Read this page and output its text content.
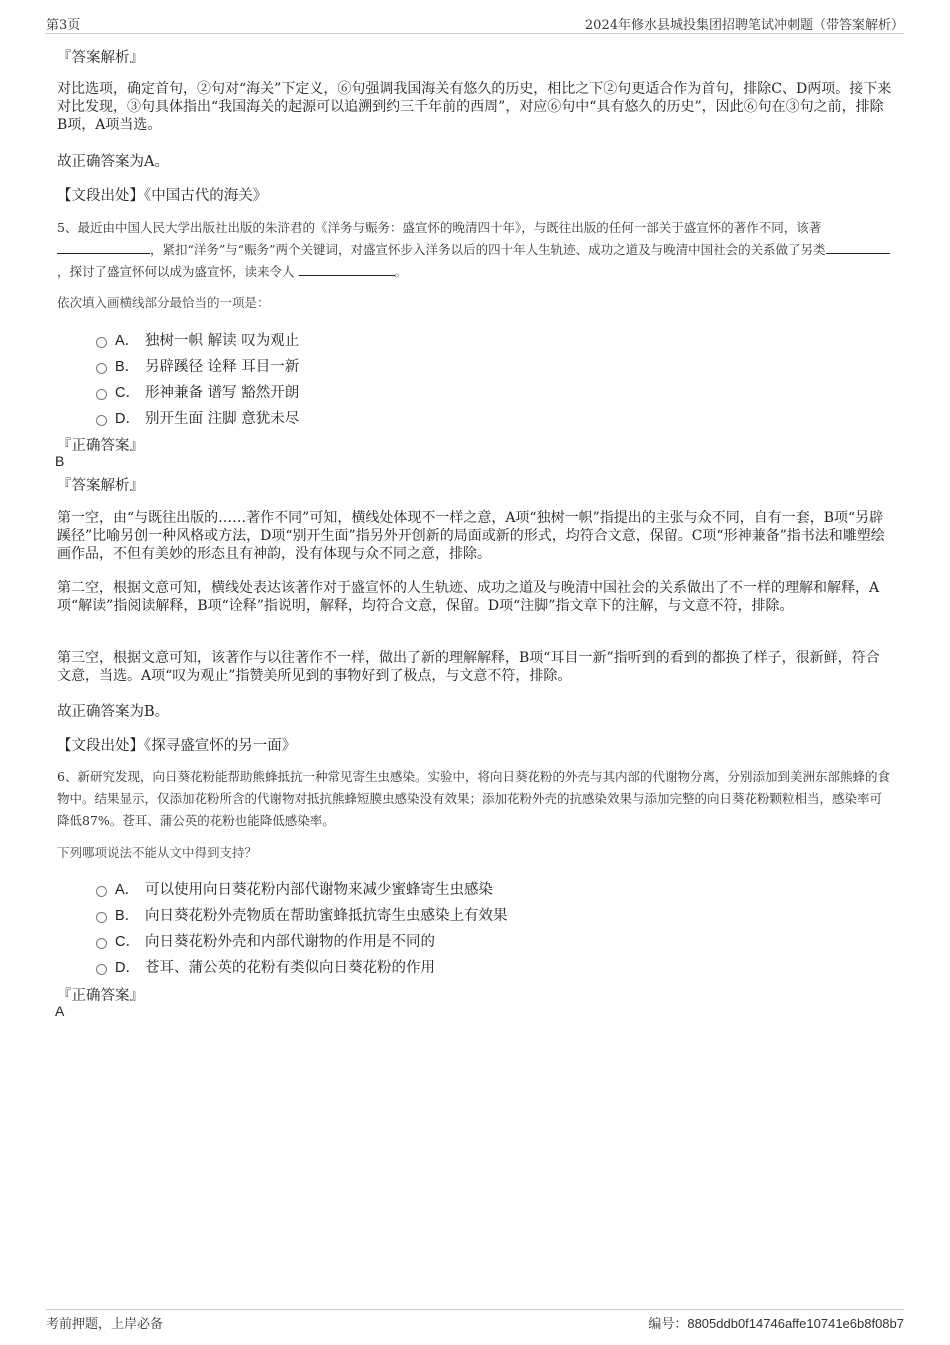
第3页	2024年修水县城投集团招聘笔试冲刺题（带答案解析）
『答案解析』
对比选项，确定首句，②句对“海关”下定义，⑥句强调我国海关有悠久的历史，相比之下②句更适合作为首句，排除C、D两项。接下来对比发现，③句具体指出“我国海关的起源可以追溯到约三千年前的西周”，对应⑥句中“具有悠久的历史”，因此⑥句在③句之前，排除B项，A项当选。
故正确答案为A。
【文段出处】《中国古代的海关》
5、最近由中国人民大学出版社出版的朱浒君的《洋务与赈务：盛宣怀的晚清四十年》，与既往出版的任何一部关于盛宣怀的著作不同，该著，紧扣“洋务”与“赈务”两个关键词，对盛宣怀步入洋务以后的四十年人生轨迹、成功之道及与晚清中国社会的关系做了另类，探讨了盛宣怀何以成为盛宣怀，读来令人	。
依次填入画横线部分最恰当的一项是：
A． 独树一帜 解读 叹为观止
B． 另辟蹊径 诠释 耳目一新
C． 形神兼备 谱写 豁然开朗
D． 别开生面 注脚 意犹未尽
『正确答案』
B
『答案解析』
第一空，由“与既往出版的……著作不同”可知，横线处体现不一样之意，A项“独树一帜”指提出的主张与众不同，自有一套，B项“另辟蹊径”比喻另创一种风格或方法，D项“别开生面”指另外开创新的局面或新的形式，均符合文意，保留。C项“形神兼备”指书法和雕塑绘画作品，不但有美妙的形态且有神韵，没有体现与众不同之意，排除。
第二空，根据文意可知，横线处表达该著作对于盛宣怀的人生轨迹、成功之道及与晚清中国社会的关系做出了不一样的理解和解释，A项“解读”指阅读解释，B项“诠释”指说明，解释，均符合文意，保留。D项“注脚”指文章下的注解，与文意不符，排除。
第三空，根据文意可知，该著作与以往著作不一样，做出了新的理解解释，B项“耳目一新”指听到的看到的都换了样子，很新鲜，符合文意，当选。A项“叹为观止”指赞美所见到的事物好到了极点，与文意不符，排除。
故正确答案为B。
【文段出处】《探寻盛宣怀的另一面》
6、新研究发现，向日葵花粉能帮助熊蜂抵抗一种常见寄生虫感染。实验中，将向日葵花粉的外壳与其内部的代谢物分离，分别添加到美洲东部熊蜂的食物中。结果显示，仅添加花粉所含的代谢物对抵抗熊蜂短膜虫感染没有效果；添加花粉外壳的抗感染效果与添加完整的向日葵花粉颗粒相当，感染率可降低87%。苍耳、蒲公英的花粉也能降低感染率。
下列哪项说法不能从文中得到支持？
A． 可以使用向日葵花粉内部代谢物来减少蜜蜂寄生虫感染
B． 向日葵花粉外壳物质在帮助蜜蜂抵抗寄生虫感染上有效果
C． 向日葵花粉外壳和内部代谢物的作用是不同的
D． 苍耳、蒲公英的花粉有类似向日葵花粉的作用
『正确答案』
A
考前押题，上岸必备	编号：8805ddb0f14746affe10741e6b8f08b7
